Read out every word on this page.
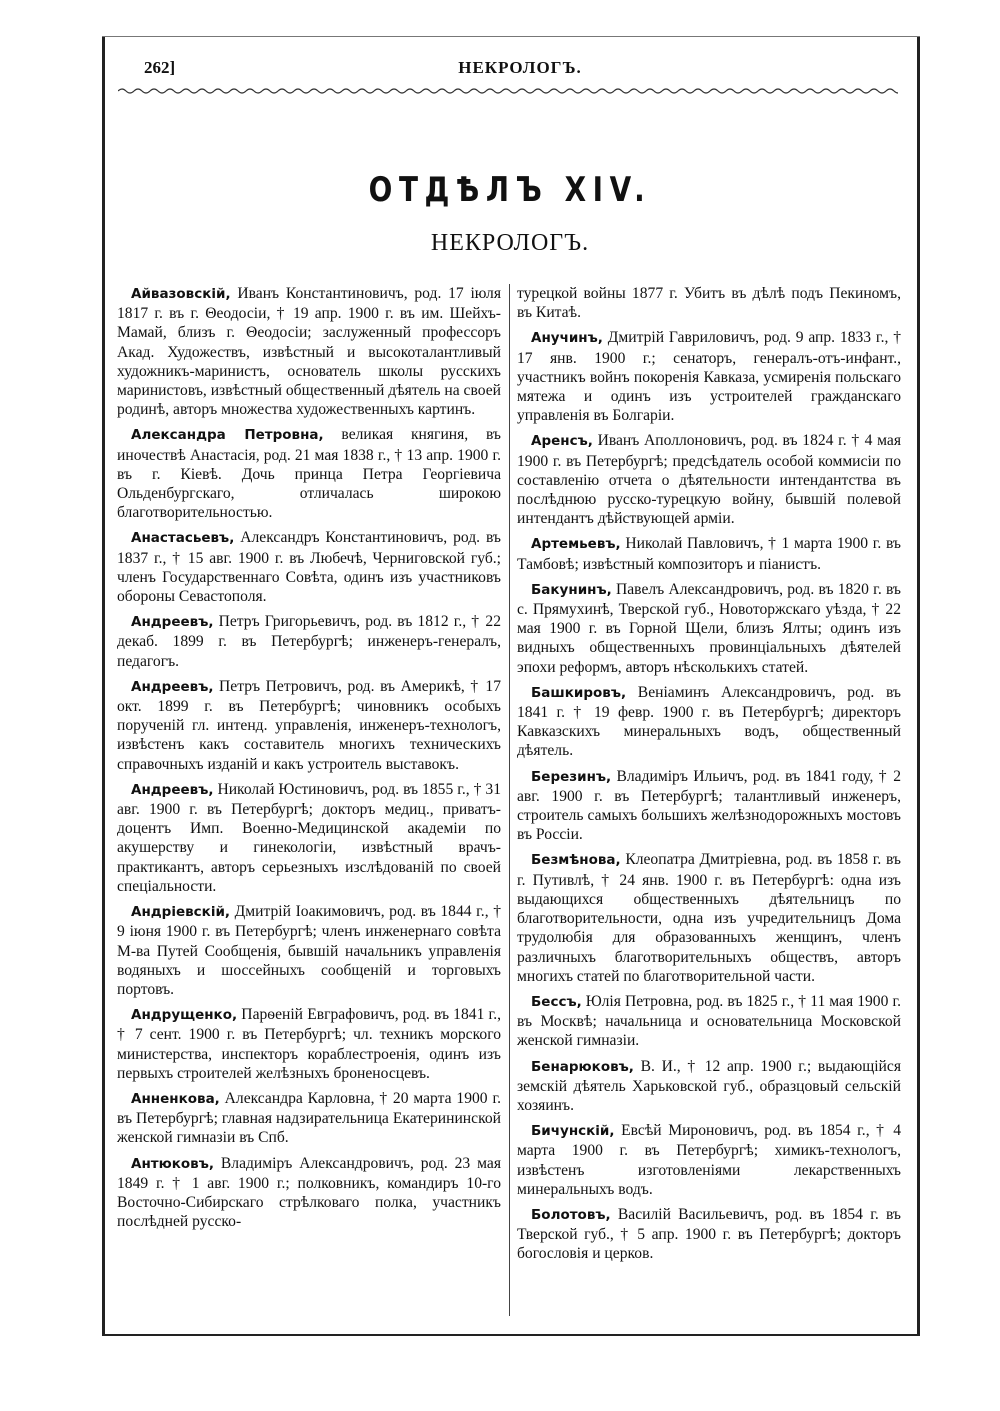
262]	НЕКРОЛОГЪ.
ОТДѢЛЪ XIV.
НЕКРОЛОГЪ.

Айвазовскій, Иванъ Константиновичъ, род. 17 іюля 1817 г. въ г. Θеодосіи, † 19 апр. 1900 г. въ им. Шейхъ-Мамай, близъ г. Θеодосіи; заслуженный профессоръ Акад. Художествъ, извѣстный и высокоталантливый художникъ-маринистъ, основатель школы русскихъ маринистовъ, извѣстный общественный дѣятель на своей родинѣ, авторъ множества художественныхъ картинъ.

Александра Петровна, великая княгиня, въ иночествѣ Анастасія, род. 21 мая 1838 г., † 13 апр. 1900 г. въ г. Кіевѣ. Дочь принца Петра Георгіевича Ольденбургскаго, отличалась широкою благотворительностью.

Анастасьевъ, Александръ Константиновичъ, род. въ 1837 г., † 15 авг. 1900 г. въ Любечѣ, Черниговской губ.; членъ Государственнаго Совѣта, одинъ изъ участниковъ обороны Севастополя.

Андреевъ, Петръ Григорьевичъ, род. въ 1812 г., † 22 декаб. 1899 г. въ Петербургѣ; инженеръ-генералъ, педагогъ.

Андреевъ, Петръ Петровичъ, род. въ Америкѣ, † 17 окт. 1899 г. въ Петербургѣ; чиновникъ особыхъ порученій гл. интенд. управленія, инженеръ-технологъ, извѣстенъ какъ составитель многихъ техническихъ справочныхъ изданій и какъ устроитель выставокъ.

Андреевъ, Николай Юстиновичъ, род. въ 1855 г., † 31 авг. 1900 г. въ Петербургѣ; докторъ медиц., приватъ-доцентъ Имп. Военно-Медицинской академіи по акушерству и гинекологіи, извѣстный врачъ-практикантъ, авторъ серьезныхъ изслѣдованій по своей спеціальности.

Андріевскій, Дмитрій Іоакимовичъ, род. въ 1844 г., † 9 іюня 1900 г. въ Петербургѣ; членъ инженернаго совѣта М-ва Путей Сообщенія, бывшій начальникъ управленія водяныхъ и шоссейныхъ сообщеній и торговыхъ портовъ.

Андрущенко, Парѳеній Евграфовичъ, род. въ 1841 г., † 7 сент. 1900 г. въ Петербургѣ; чл. техникъ морского министерства, инспекторъ кораблестроенія, одинъ изъ первыхъ строителей желѣзныхъ броненосцевъ.

Анненкова, Александра Карловна, † 20 марта 1900 г. въ Петербургѣ; главная надзирательница Екатерининской женской гимназіи въ Спб.

Антюковъ, Владиміръ Александровичъ, род. 23 мая 1849 г. † 1 авг. 1900 г.; полковникъ, командиръ 10-го Восточно-Сибирскаго стрѣлковаго полка, участникъ послѣдней русско-

турецкой войны 1877 г. Убитъ въ дѣлѣ подъ Пекиномъ, въ Китаѣ.

Анучинъ, Дмитрій Гавриловичъ, род. 9 апр. 1833 г., † 17 янв. 1900 г.; сенаторъ, генералъ-отъ-инфант., участникъ войнъ покоренія Кавказа, усмиренія польскаго мятежа и одинъ изъ устроителей гражданскаго управленія въ Болгаріи.

Аренсъ, Иванъ Аполлоновичъ, род. въ 1824 г. † 4 мая 1900 г. въ Петербургѣ; предсѣдатель особой коммисіи по составленію отчета о дѣятельности интендантства въ послѣднюю русско-турецкую войну, бывшій полевой интендантъ дѣйствующей арміи.

Артемьевъ, Николай Павловичъ, † 1 марта 1900 г. въ Тамбовѣ; извѣстный композиторъ и піанистъ.

Бакунинъ, Павелъ Александровичъ, род. въ 1820 г. въ с. Прямухинѣ, Тверской губ., Новоторжскаго уѣзда, † 22 мая 1900 г. въ Горной Щели, близъ Ялты; одинъ изъ видныхъ общественныхъ провинціальныхъ дѣятелей эпохи реформъ, авторъ нѣсколькихъ статей.

Башкировъ, Веніаминъ Александровичъ, род. въ 1841 г. † 19 февр. 1900 г. въ Петербургѣ; директоръ Кавказскихъ минеральныхъ водъ, общественный дѣятель.

Березинъ, Владиміръ Ильичъ, род. въ 1841 году, † 2 авг. 1900 г. въ Петербургѣ; талантливый инженеръ, строитель самыхъ большихъ желѣзнодорожныхъ мостовъ въ Россіи.

Безмѣнова, Клеопатра Дмитріевна, род. въ 1858 г. въ г. Путивлѣ, † 24 янв. 1900 г. въ Петербургѣ: одна изъ выдающихся общественныхъ дѣятельницъ по благотворительности, одна изъ учредительницъ Дома трудолюбія для образованныхъ женщинъ, членъ различныхъ благотворительныхъ обществъ, авторъ многихъ статей по благотворительной части.

Бессъ, Юлія Петровна, род. въ 1825 г., † 11 мая 1900 г. въ Москвѣ; начальница и основательница Московской женской гимназіи.

Бенарюковъ, В. И., † 12 апр. 1900 г.; выдающійся земскій дѣятель Харьковской губ., образцовый сельскій хозяинъ.

Бичунскій, Евсѣй Мироновичъ, род. въ 1854 г., † 4 марта 1900 г. въ Петербургѣ; химикъ-технологъ, извѣстенъ изготовленіями лекарственныхъ минеральныхъ водъ.

Болотовъ, Василій Васильевичъ, род. въ 1854 г. въ Тверской губ., † 5 апр. 1900 г. въ Петербургѣ; докторъ богословія и церков.
